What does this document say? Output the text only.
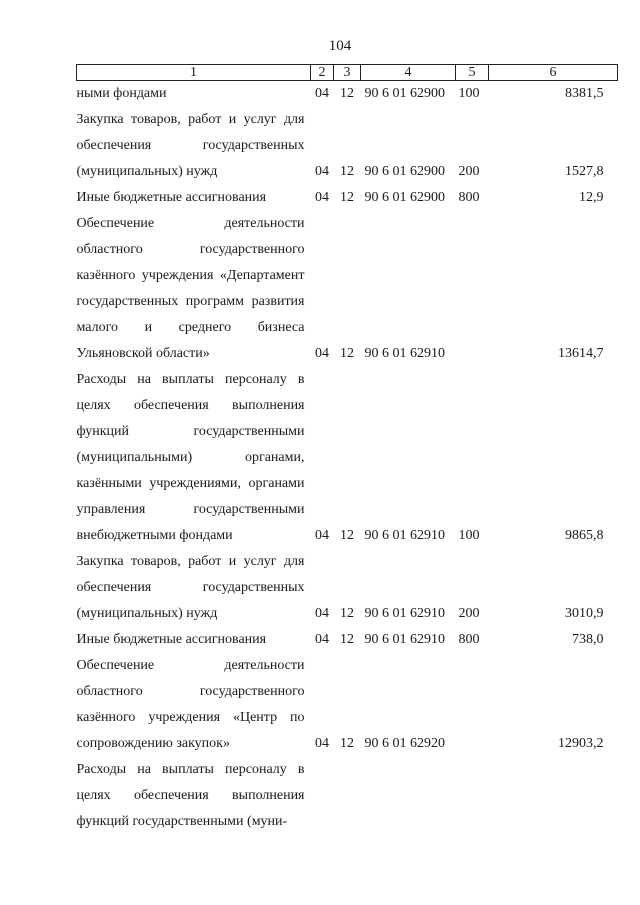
104
1	2	3	4	5	6

ными фондами	04	12	90 6 01 62900	100	8381,5

Закупка товаров, работ и услуг для обеспечения государственных (муниципальных) нужд	04	12	90 6 01 62900	200	1527,8

Иные бюджетные ассигнования	04	12	90 6 01 62900	800	12,9

Обеспечение деятельности областного государственного казённого учреждения «Департамент государственных программ развития малого и среднего бизнеса Ульяновской области»	04	12	90 6 01 62910		13614,7

Расходы на выплаты персоналу в целях обеспечения выполнения функций государственными (муниципальными) органами, казёнными учреждениями, органами управления государственными внебюджетными фондами	04	12	90 6 01 62910	100	9865,8

Закупка товаров, работ и услуг для обеспечения государственных (муниципальных) нужд	04	12	90 6 01 62910	200	3010,9

Иные бюджетные ассигнования	04	12	90 6 01 62910	800	738,0

Обеспечение деятельности областного государственного казённого учреждения «Центр по сопровождению закупок»	04	12	90 6 01 62920		12903,2

Расходы на выплаты персоналу в целях обеспечения выполнения функций государственными (муни-					
